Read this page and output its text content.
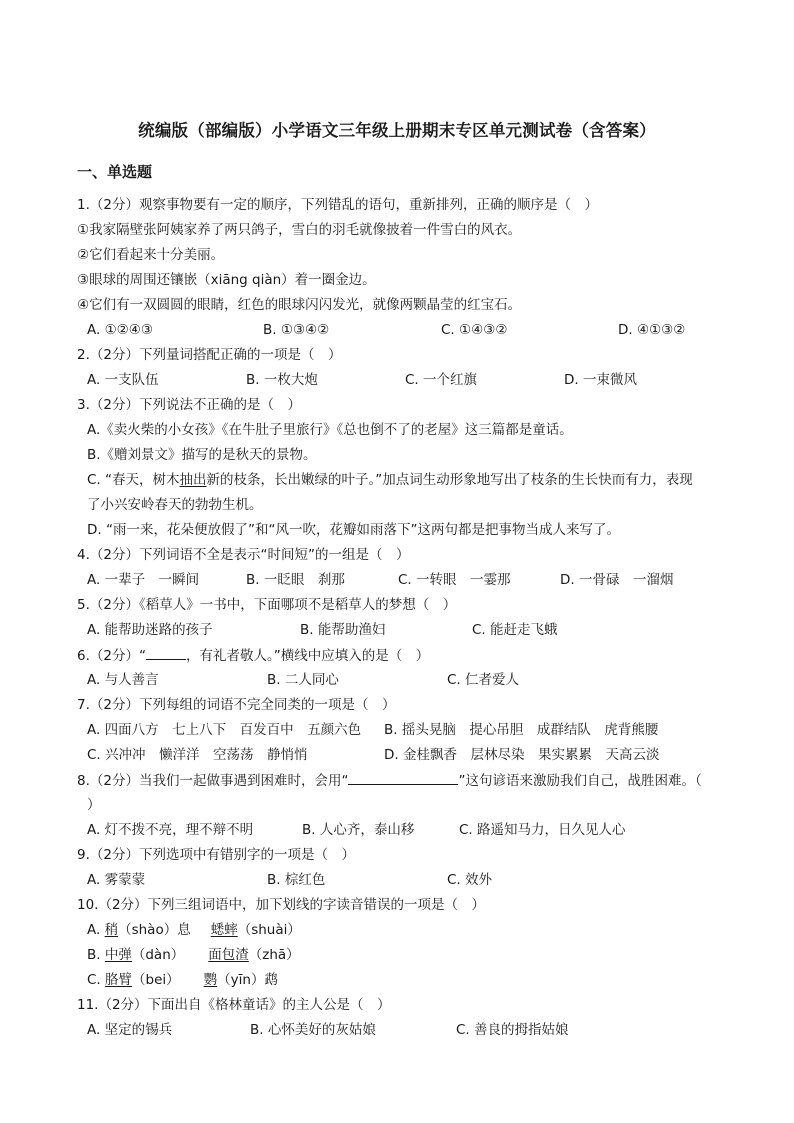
统编版（部编版）小学语文三年级上册期末专区单元测试卷（含答案）
一、单选题
1.（2分）观察事物要有一定的顺序，下列错乱的语句，重新排列，正确的顺序是（　）
①我家隔壁张阿姨家养了两只鸽子，雪白的羽毛就像披着一件雪白的风衣。
②它们看起来十分美丽。
③眼球的周围还镶嵌（xiāng qiàn）着一圈金边。
④它们有一双圆圆的眼睛，红色的眼球闪闪发光，就像两颗晶莹的红宝石。
A. ①②④③	B. ①③④②	C. ①④③②	D. ④①③②
2.（2分）下列量词搭配正确的一项是（　）
A. 一支队伍	B. 一枚大炮	C. 一个红旗	D. 一束微风
3.（2分）下列说法不正确的是（　）
A.《卖火柴的小女孩》《在牛肚子里旅行》《总也倒不了的老屋》这三篇都是童话。
B.《赠刘景文》描写的是秋天的景物。
C. “春天，树木抽出新的枝条，长出嫩绿的叶子。”加点词生动形象地写出了枝条的生长快而有力，表现
了小兴安岭春天的勃勃生机。
D. “雨一来，花朵便放假了”和“风一吹，花瓣如雨落下”这两句都是把事物当成人来写了。
4.（2分）下列词语不全是表示“时间短”的一组是（　）
A. 一辈子　一瞬间	B. 一眨眼　刹那	C. 一转眼　一霎那	D. 一骨碌　一溜烟
5.（2分）《稻草人》一书中，下面哪项不是稻草人的梦想（　）
A. 能帮助迷路的孩子	B. 能帮助渔妇	C. 能赶走飞蛾
6.（2分）“	，有礼者敬人。”横线中应填入的是（　）
A. 与人善言	B. 二人同心	C. 仁者爱人
7.（2分）下列每组的词语不完全同类的一项是（　）
A. 四面八方　七上八下　百发百中　五颜六色 B. 摇头晃脑　提心吊胆　成群结队　虎背熊腰
C. 兴冲冲　懒洋洋　空荡荡　静悄悄	D. 金桂飘香　层林尽染　果实累累　天高云淡
8.（2分）当我们一起做事遇到困难时，会用“	”这句谚语来激励我们自己，战胜困难。（
）
A. 灯不拨不亮，理不辩不明	B. 人心齐，泰山移	C. 路遥知马力，日久见人心
9.（2分）下列选项中有错别字的一项是（　）
A. 雾蒙蒙	B. 棕红色	C. 效外
10.（2分）下列三组词语中，加下划线的字读音错误的一项是（　）
A. 稍（shào）息 蟋蟀（shuài）
B. 中弹（dàn） 面包渣（zhā）
C. 胳臂（bei） 鹦（yīn）鹉
11.（2分）下面出自《格林童话》的主人公是（　）
A. 坚定的锡兵	B. 心怀美好的灰姑娘	C. 善良的拇指姑娘
